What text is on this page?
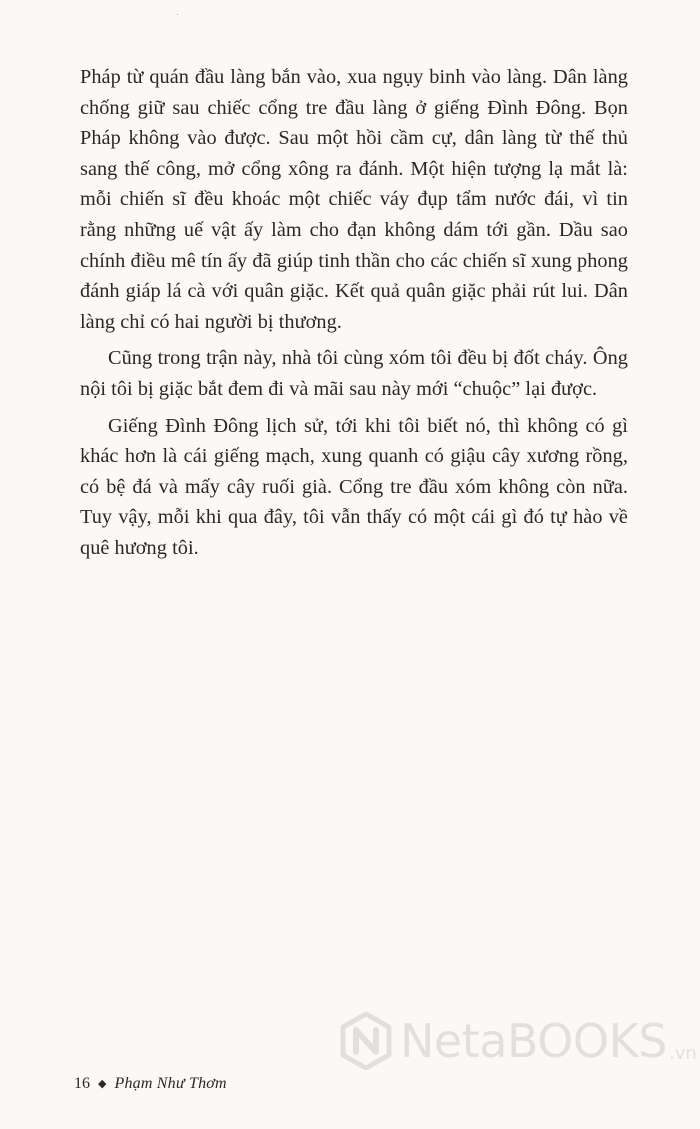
Pháp từ quán đầu làng bắn vào, xua ngụy binh vào làng. Dân làng chống giữ sau chiếc cổng tre đầu làng ở giếng Đình Đông. Bọn Pháp không vào được. Sau một hồi cầm cự, dân làng từ thế thủ sang thế công, mở cổng xông ra đánh. Một hiện tượng lạ mắt là: mỗi chiến sĩ đều khoác một chiếc váy đụp tẩm nước đái, vì tin rằng những uế vật ấy làm cho đạn không dám tới gần. Dầu sao chính điều mê tín ấy đã giúp tinh thần cho các chiến sĩ xung phong đánh giáp lá cà với quân giặc. Kết quả quân giặc phải rút lui. Dân làng chỉ có hai người bị thương.

Cũng trong trận này, nhà tôi cùng xóm tôi đều bị đốt cháy. Ông nội tôi bị giặc bắt đem đi và mãi sau này mới “chuộc” lại được.

Giếng Đình Đông lịch sử, tới khi tôi biết nó, thì không có gì khác hơn là cái giếng mạch, xung quanh có giậu cây xương rồng, có bệ đá và mấy cây ruối già. Cổng tre đầu xóm không còn nữa. Tuy vậy, mỗi khi qua đây, tôi vẫn thấy có một cái gì đó tự hào về quê hương tôi.

NetaBOOKS .vn
16 ◆ Phạm Như Thơm
